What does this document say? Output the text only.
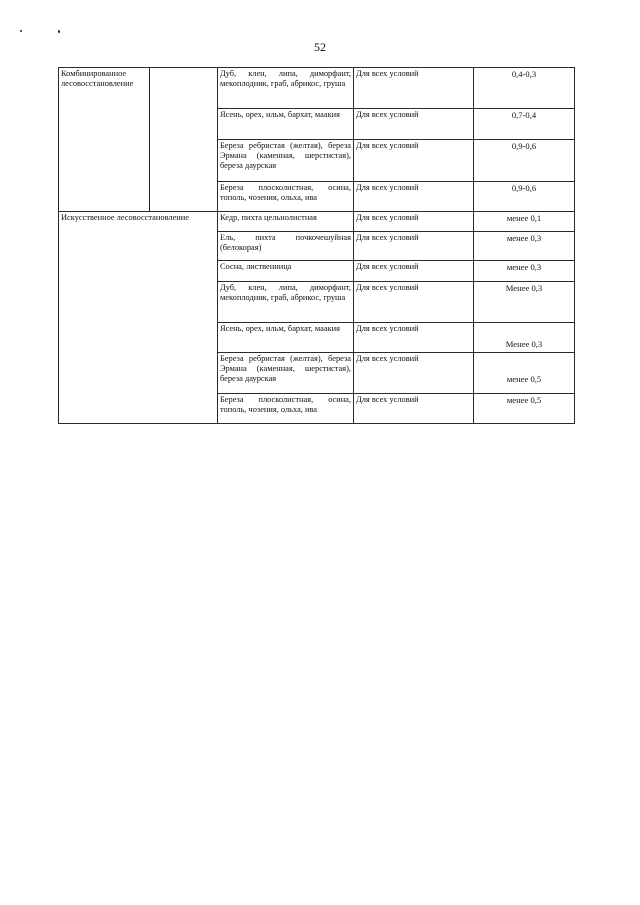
52
Комбинированное лесовосстановление		Дуб, клен, липа, диморфант, мекоплодник, граб, абрикос, груша	Для всех условий	0,4-0,3
		Ясень, орех, ильм, бархат, маакия	Для всех условий	0,7-0,4
		Береза ребристая (желтая), береза Эрмана (каменная, шерстистая), береза даурская	Для всех условий	0,9-0,6
		Береза плосколистная, осина, тополь, чозения, ольха, ива	Для всех условий	0,9-0,6
Искусственное лесовосстановление		Кедр, пихта цельнолистная	Для всех условий	менее 0,1
		Ель, пихта почкочешуйная (белокорая)	Для всех условий	менее 0,3
		Сосна, лиственница	Для всех условий	менее 0,3
		Дуб, клен, липа, диморфант, мекоплодник, граб, абрикос, груша	Для всех условий	Менее 0,3
		Ясень, орех, ильм, бархат, маакия	Для всех условий	Менее 0,3
		Береза ребристая (желтая), береза Эрмана (каменная, шерстистая), береза даурская	Для всех условий	менее 0,5
		Береза плосколистная, осина, тополь, чозения, ольха, ива	Для всех условий	менее 0,5
